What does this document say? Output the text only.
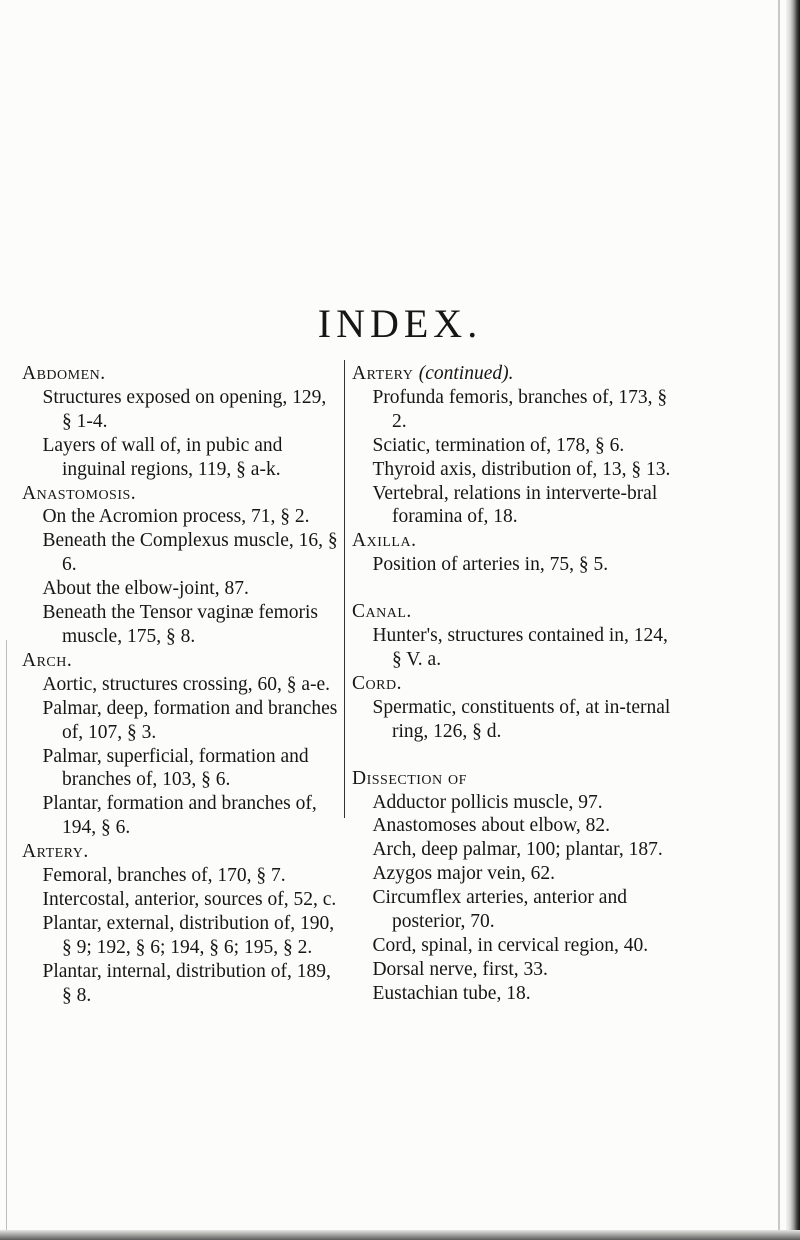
INDEX.
Abdomen.
Structures exposed on opening, 129, § 1-4.
Layers of wall of, in pubic and inguinal regions, 119, § a-k.
Anastomosis.
On the Acromion process, 71, § 2.
Beneath the Complexus muscle, 16, § 6.
About the elbow-joint, 87.
Beneath the Tensor vaginæ femoris muscle, 175, § 8.
Arch.
Aortic, structures crossing, 60, § a-e.
Palmar, deep, formation and branches of, 107, § 3.
Palmar, superficial, formation and branches of, 103, § 6.
Plantar, formation and branches of, 194, § 6.
Artery.
Femoral, branches of, 170, § 7.
Intercostal, anterior, sources of, 52, c.
Plantar, external, distribution of, 190, § 9; 192, § 6; 194, § 6; 195, § 2.
Plantar, internal, distribution of, 189, § 8.
Artery (continued).
Profunda femoris, branches of, 173, § 2.
Sciatic, termination of, 178, § 6.
Thyroid axis, distribution of, 13, § 13.
Vertebral, relations in interverte-bral foramina of, 18.
Axilla.
Position of arteries in, 75, § 5.
Canal.
Hunter's, structures contained in, 124, § V. a.
Cord.
Spermatic, constituents of, at in-ternal ring, 126, § d.
Dissection of
Adductor pollicis muscle, 97.
Anastomoses about elbow, 82.
Arch, deep palmar, 100; plantar, 187.
Azygos major vein, 62.
Circumflex arteries, anterior and posterior, 70.
Cord, spinal, in cervical region, 40.
Dorsal nerve, first, 33.
Eustachian tube, 18.
